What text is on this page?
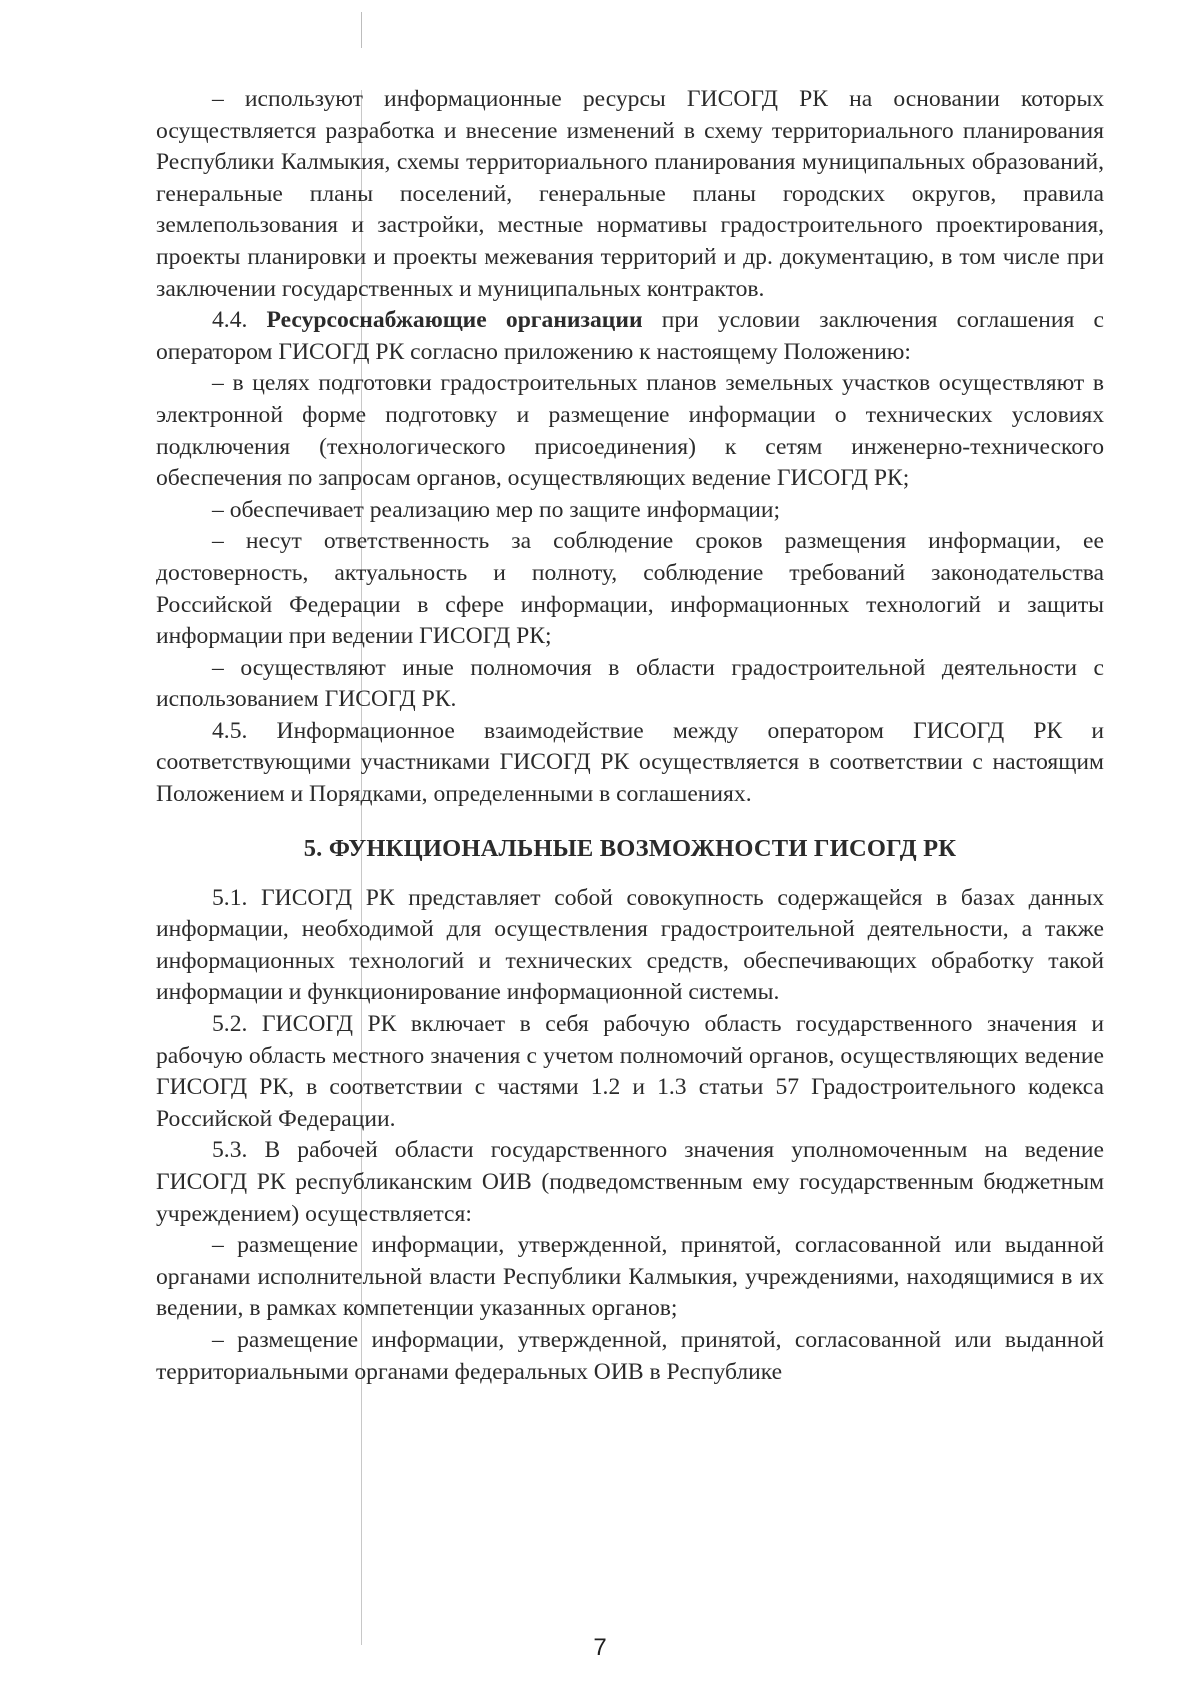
– используют информационные ресурсы ГИСОГД РК на основании которых осуществляется разработка и внесение изменений в схему территориального планирования Республики Калмыкия, схемы территориального планирования муниципальных образований, генеральные планы поселений, генеральные планы городских округов, правила землепользования и застройки, местные нормативы градостроительного проектирования, проекты планировки и проекты межевания территорий и др. документацию, в том числе при заключении государственных и муниципальных контрактов.

4.4. Ресурсоснабжающие организации при условии заключения соглашения с оператором ГИСОГД РК согласно приложению к настоящему Положению:

– в целях подготовки градостроительных планов земельных участков осуществляют в электронной форме подготовку и размещение информации о технических условиях подключения (технологического присоединения) к сетям инженерно-технического обеспечения по запросам органов, осуществляющих ведение ГИСОГД РК;

– обеспечивает реализацию мер по защите информации;

– несут ответственность за соблюдение сроков размещения информации, ее достоверность, актуальность и полноту, соблюдение требований законодательства Российской Федерации в сфере информации, информационных технологий и защиты информации при ведении ГИСОГД РК;

– осуществляют иные полномочия в области градостроительной деятельности с использованием ГИСОГД РК.

4.5. Информационное взаимодействие между оператором ГИСОГД РК и соответствующими участниками ГИСОГД РК осуществляется в соответствии с настоящим Положением и Порядками, определенными в соглашениях.

5. ФУНКЦИОНАЛЬНЫЕ ВОЗМОЖНОСТИ ГИСОГД РК

5.1. ГИСОГД РК представляет собой совокупность содержащейся в базах данных информации, необходимой для осуществления градостроительной деятельности, а также информационных технологий и технических средств, обеспечивающих обработку такой информации и функционирование информационной системы.

5.2. ГИСОГД РК включает в себя рабочую область государственного значения и рабочую область местного значения с учетом полномочий органов, осуществляющих ведение ГИСОГД РК, в соответствии с частями 1.2 и 1.3 статьи 57 Градостроительного кодекса Российской Федерации.

5.3. В рабочей области государственного значения уполномоченным на ведение ГИСОГД РК республиканским ОИВ (подведомственным ему государственным бюджетным учреждением) осуществляется:

– размещение информации, утвержденной, принятой, согласованной или выданной органами исполнительной власти Республики Калмыкия, учреждениями, находящимися в их ведении, в рамках компетенции указанных органов;

– размещение информации, утвержденной, принятой, согласованной или выданной территориальными органами федеральных ОИВ в Республике

7
